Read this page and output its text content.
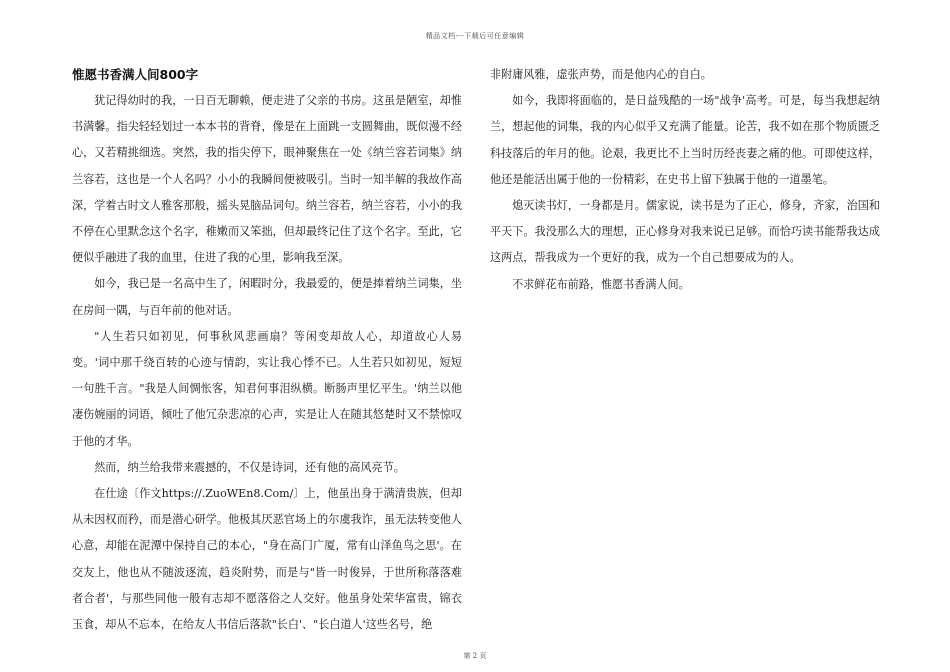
精品文档---下载后可任意编辑
惟愿书香满人间800字

犹记得幼时的我，一日百无聊赖，便走进了父亲的书房。这虽是陋室，却惟书满馨。指尖轻轻划过一本本书的背脊，像是在上面跳一支圆舞曲，既似漫不经心，又若精挑细选。突然，我的指尖停下，眼神聚焦在一处《纳兰容若词集》纳兰容若，这也是一个人名吗？小小的我瞬间便被吸引。当时一知半解的我故作高深，学着古时文人雅客那般，摇头晃脑品词句。纳兰容若，纳兰容若，小小的我不停在心里默念这个名字，稚嫩而又笨拙，但却最终记住了这个名字。至此，它便似乎融进了我的血里，住进了我的心里，影响我至深。

如今，我已是一名高中生了，闲暇时分，我最爱的，便是捧着纳兰词集，坐在房间一隅，与百年前的他对话。

"人生若只如初见，何事秋风悲画扇？等闲变却故人心，却道故心人易变。'词中那千绕百转的心迹与情韵，实让我心悸不已。人生若只如初见，短短一句胜千言。"我是人间惆怅客，知君何事泪纵横。断肠声里忆平生。'纳兰以他凄伤婉丽的词语，倾吐了他冗杂悲凉的心声，实是让人在随其悠楚时又不禁惊叹于他的才华。

然而，纳兰给我带来震撼的，不仅是诗词，还有他的高风亮节。

在仕途〔作文https://.ZuoWEn8.Com/〕上，他虽出身于满清贵族，但却从未因权而矜，而是潜心研学。他极其厌恶官场上的尔虞我诈，虽无法转变他人心意，却能在泥潭中保持自己的本心，"身在高门广厦，常有山泽鱼鸟之思'。在交友上，他也从不随波逐流，趋炎附势，而是与"皆一时俊异，于世所称落落难者合者'，与那些同他一般有志却不愿落俗之人交好。他虽身处荣华富贵，锦衣玉食，却从不忘本，在给友人书信后落款"长白'、"长白道人'这些名号，绝

非附庸风雅，虚张声势，而是他内心的自白。

如今，我即将面临的，是日益残酷的一场"战争'高考。可是，每当我想起纳兰，想起他的词集，我的内心似乎又充满了能量。论苦，我不如在那个物质匮乏科技落后的年月的他。论艰，我更比不上当时历经丧妻之痛的他。可即使这样，他还是能活出属于他的一份精彩，在史书上留下独属于他的一道墨笔。

熄灭读书灯，一身都是月。儒家说，读书是为了正心，修身，齐家，治国和平天下。我没那么大的理想，正心修身对我来说已足够。而恰巧读书能帮我达成这两点，帮我成为一个更好的我，成为一个自己想要成为的人。

不求鲜花布前路，惟愿书香满人间。

第 2 页
